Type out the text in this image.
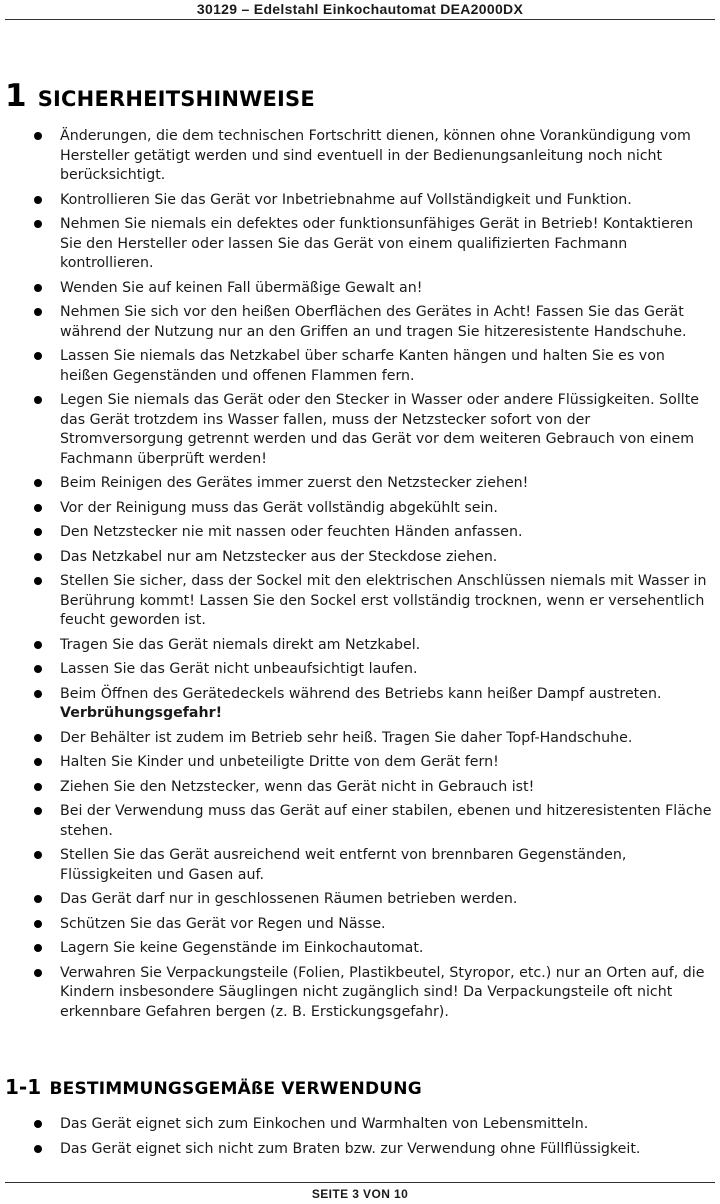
30129 – Edelstahl Einkochautomat DEA2000DX
1 SICHERHEITSHINWEISE
Änderungen, die dem technischen Fortschritt dienen, können ohne Vorankündigung vom Hersteller getätigt werden und sind eventuell in der Bedienungsanleitung noch nicht berücksichtigt.
Kontrollieren Sie das Gerät vor Inbetriebnahme auf Vollständigkeit und Funktion.
Nehmen Sie niemals ein defektes oder funktionsunfähiges Gerät in Betrieb! Kontaktieren Sie den Hersteller oder lassen Sie das Gerät von einem qualifizierten Fachmann kontrollieren.
Wenden Sie auf keinen Fall übermäßige Gewalt an!
Nehmen Sie sich vor den heißen Oberflächen des Gerätes in Acht! Fassen Sie das Gerät während der Nutzung nur an den Griffen an und tragen Sie hitzeresistente Handschuhe.
Lassen Sie niemals das Netzkabel über scharfe Kanten hängen und halten Sie es von heißen Gegenständen und offenen Flammen fern.
Legen Sie niemals das Gerät oder den Stecker in Wasser oder andere Flüssigkeiten. Sollte das Gerät trotzdem ins Wasser fallen, muss der Netzstecker sofort von der Stromversorgung getrennt werden und das Gerät vor dem weiteren Gebrauch von einem Fachmann überprüft werden!
Beim Reinigen des Gerätes immer zuerst den Netzstecker ziehen!
Vor der Reinigung muss das Gerät vollständig abgekühlt sein.
Den Netzstecker nie mit nassen oder feuchten Händen anfassen.
Das Netzkabel nur am Netzstecker aus der Steckdose ziehen.
Stellen Sie sicher, dass der Sockel mit den elektrischen Anschlüssen niemals mit Wasser in Berührung kommt! Lassen Sie den Sockel erst vollständig trocknen, wenn er versehentlich feucht geworden ist.
Tragen Sie das Gerät niemals direkt am Netzkabel.
Lassen Sie das Gerät nicht unbeaufsichtigt laufen.
Beim Öffnen des Gerätedeckels während des Betriebs kann heißer Dampf austreten. Verbrühungsgefahr!
Der Behälter ist zudem im Betrieb sehr heiß. Tragen Sie daher Topf-Handschuhe.
Halten Sie Kinder und unbeteiligte Dritte von dem Gerät fern!
Ziehen Sie den Netzstecker, wenn das Gerät nicht in Gebrauch ist!
Bei der Verwendung muss das Gerät auf einer stabilen, ebenen und hitzeresistenten Fläche stehen.
Stellen Sie das Gerät ausreichend weit entfernt von brennbaren Gegenständen, Flüssigkeiten und Gasen auf.
Das Gerät darf nur in geschlossenen Räumen betrieben werden.
Schützen Sie das Gerät vor Regen und Nässe.
Lagern Sie keine Gegenstände im Einkochautomat.
Verwahren Sie Verpackungsteile (Folien, Plastikbeutel, Styropor, etc.) nur an Orten auf, die Kindern insbesondere Säuglingen nicht zugänglich sind! Da Verpackungsteile oft nicht erkennbare Gefahren bergen (z. B. Erstickungsgefahr).
1-1 BESTIMMUNGSGEMÄßE VERWENDUNG
Das Gerät eignet sich zum Einkochen und Warmhalten von Lebensmitteln.
Das Gerät eignet sich nicht zum Braten bzw. zur Verwendung ohne Füllflüssigkeit.
SEITE 3 VON 10
